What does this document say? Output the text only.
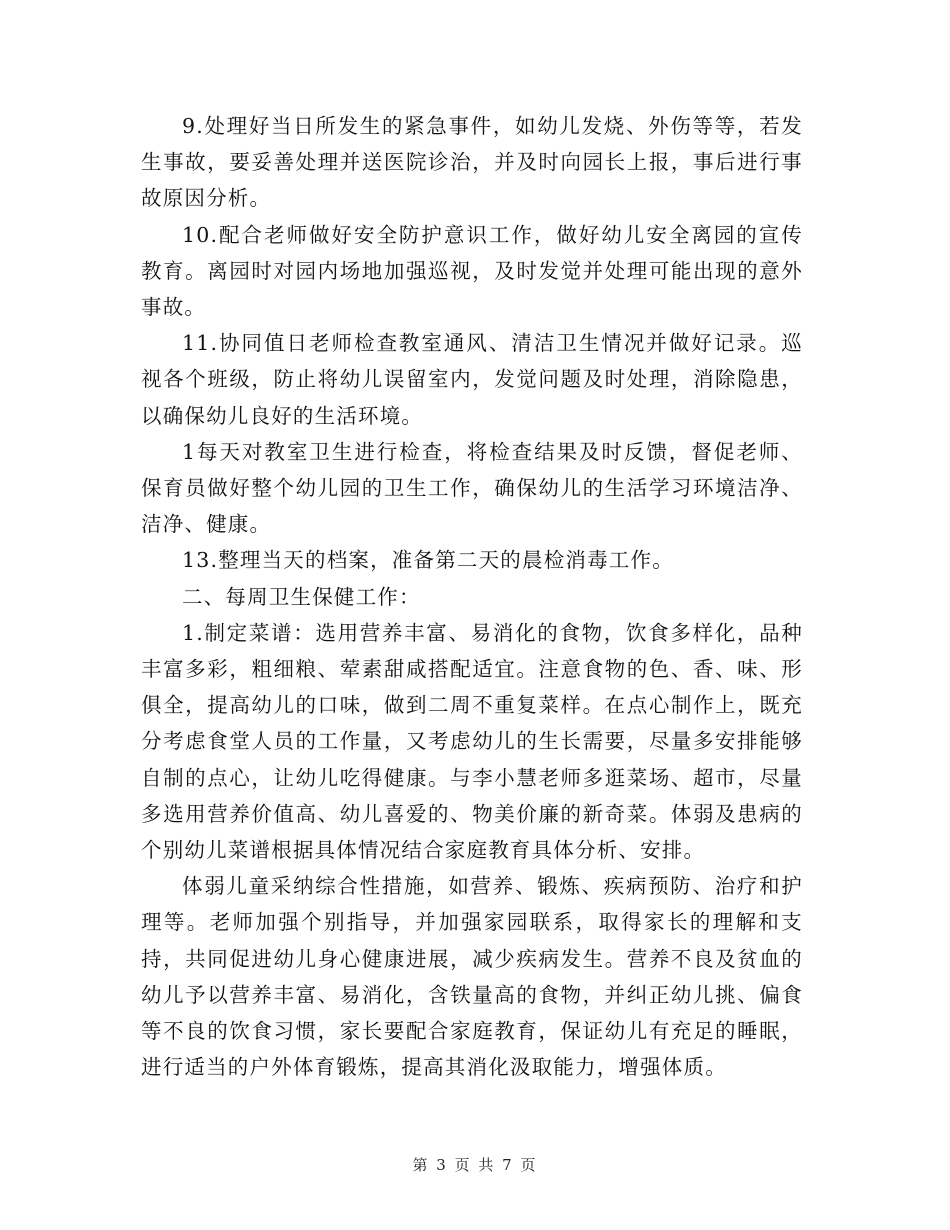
9.处理好当日所发生的紧急事件，如幼儿发烧、外伤等等，若发生事故，要妥善处理并送医院诊治，并及时向园长上报，事后进行事故原因分析。

10.配合老师做好安全防护意识工作，做好幼儿安全离园的宣传教育。离园时对园内场地加强巡视，及时发觉并处理可能出现的意外事故。

11.协同值日老师检查教室通风、清洁卫生情况并做好记录。巡视各个班级，防止将幼儿误留室内，发觉问题及时处理，消除隐患，以确保幼儿良好的生活环境。

1每天对教室卫生进行检查，将检查结果及时反馈，督促老师、保育员做好整个幼儿园的卫生工作，确保幼儿的生活学习环境洁净、洁净、健康。

13.整理当天的档案，准备第二天的晨检消毒工作。

二、每周卫生保健工作：

1.制定菜谱：选用营养丰富、易消化的食物，饮食多样化，品种丰富多彩，粗细粮、荤素甜咸搭配适宜。注意食物的色、香、味、形俱全，提高幼儿的口味，做到二周不重复菜样。在点心制作上，既充分考虑食堂人员的工作量，又考虑幼儿的生长需要，尽量多安排能够自制的点心，让幼儿吃得健康。与李小慧老师多逛菜场、超市，尽量多选用营养价值高、幼儿喜爱的、物美价廉的新奇菜。体弱及患病的个别幼儿菜谱根据具体情况结合家庭教育具体分析、安排。

体弱儿童采纳综合性措施，如营养、锻炼、疾病预防、治疗和护理等。老师加强个别指导，并加强家园联系，取得家长的理解和支持，共同促进幼儿身心健康进展，减少疾病发生。营养不良及贫血的幼儿予以营养丰富、易消化，含铁量高的食物，并纠正幼儿挑、偏食等不良的饮食习惯，家长要配合家庭教育，保证幼儿有充足的睡眠，进行适当的户外体育锻炼，提高其消化汲取能力，增强体质。

第 3 页 共 7 页
